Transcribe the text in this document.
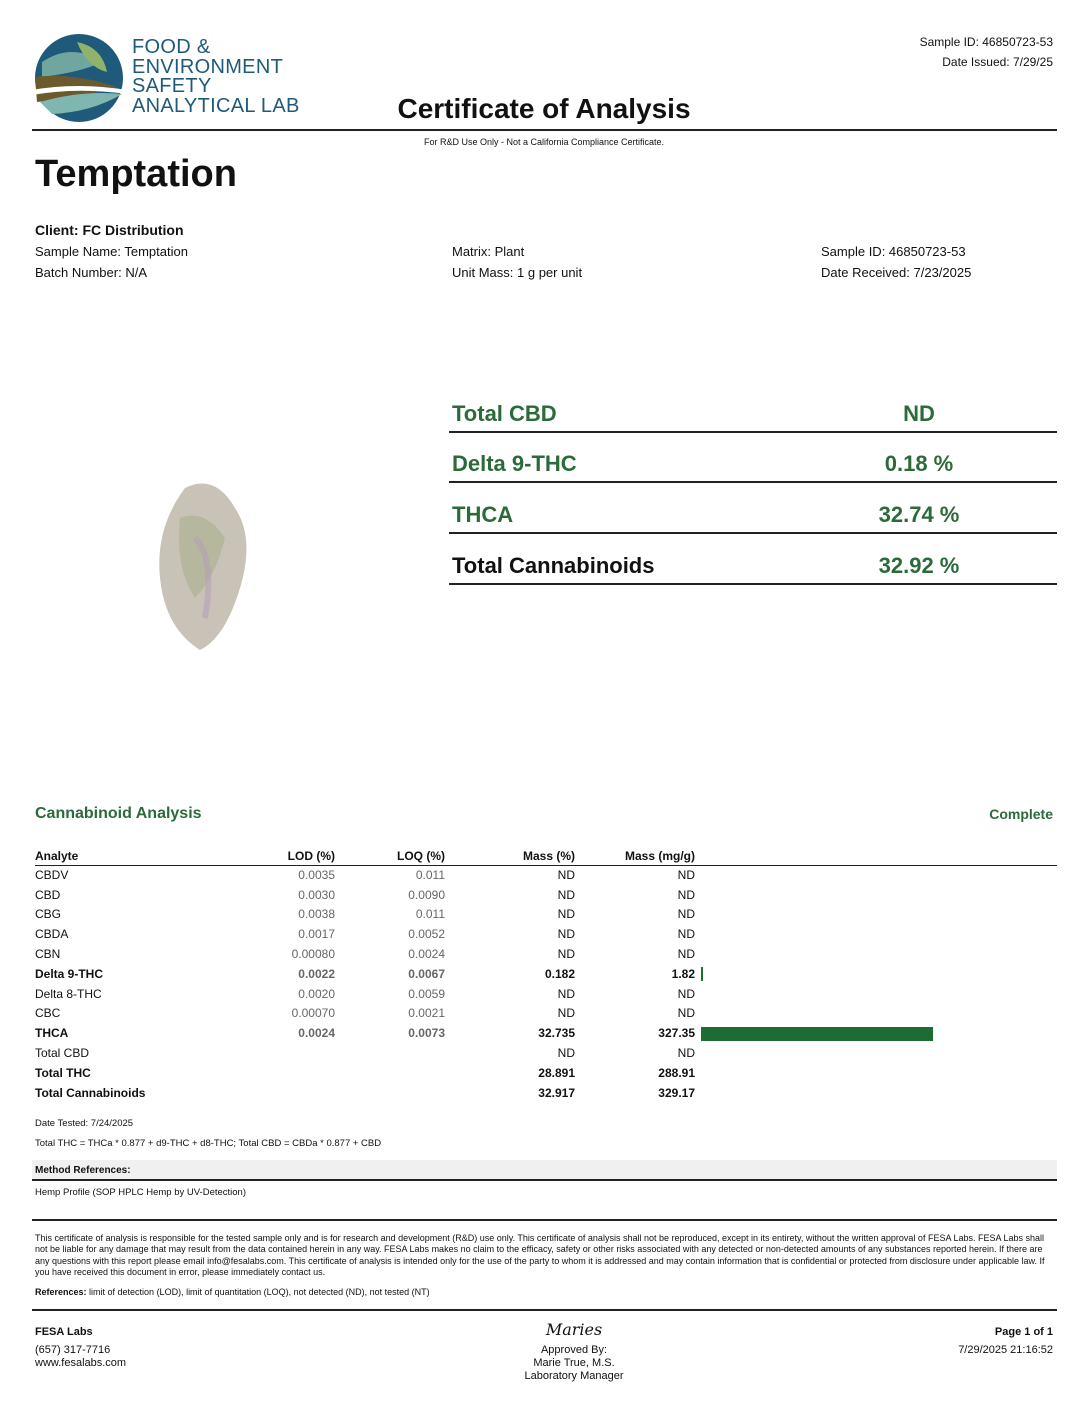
FOOD &
ENVIRONMENT
SAFETY
ANALYTICAL LAB
Sample ID: 46850723-53
Date Issued: 7/29/25
Certificate of Analysis
For R&D Use Only - Not a California Compliance Certificate.
Temptation
Client: FC Distribution
Sample Name: Temptation
Batch Number: N/A
Matrix: Plant
Unit Mass: 1 g per unit
Sample ID: 46850723-53
Date Received: 7/23/2025
Total CBD	ND
Delta 9-THC	0.18 %
THCA	32.74 %
Total Cannabinoids	32.92 %
Cannabinoid Analysis	Complete
Analyte	LOD (%)	LOQ (%)	Mass (%)	Mass (mg/g)	
CBDV	0.0035	0.011	ND	ND	
CBD	0.0030	0.0090	ND	ND	
CBG	0.0038	0.011	ND	ND	
CBDA	0.0017	0.0052	ND	ND	
CBN	0.00080	0.0024	ND	ND	
Delta 9-THC	0.0022	0.0067	0.182	1.82	
Delta 8-THC	0.0020	0.0059	ND	ND	
CBC	0.00070	0.0021	ND	ND	
THCA	0.0024	0.0073	32.735	327.35	
Total CBD			ND	ND	
Total THC			28.891	288.91	
Total Cannabinoids			32.917	329.17	
Date Tested: 7/24/2025
Total THC = THCa * 0.877 + d9-THC + d8-THC; Total CBD = CBDa * 0.877 + CBD
Method References:
Hemp Profile (SOP HPLC Hemp by UV-Detection)
This certificate of analysis is responsible for the tested sample only and is for research and development (R&D) use only. This certificate of analysis shall not be reproduced, except in its entirety, without the written approval of FESA Labs. FESA Labs shall not be liable for any damage that may result from the data contained herein in any way. FESA Labs makes no claim to the efficacy, safety or other risks associated with any detected or non-detected amounts of any substances reported herein. If there are any questions with this report please email info@fesalabs.com. This certificate of analysis is intended only for the use of the party to whom it is addressed and may contain information that is confidential or protected from disclosure under applicable law. If you have received this document in error, please immediately contact us.
References: limit of detection (LOD), limit of quantitation (LOQ), not detected (ND), not tested (NT)
FESA Labs
(657) 317-7716
www.fesalabs.com
Maries
Approved By:
Marie True, M.S.
Laboratory Manager
Page 1 of 1
7/29/2025 21:16:52
